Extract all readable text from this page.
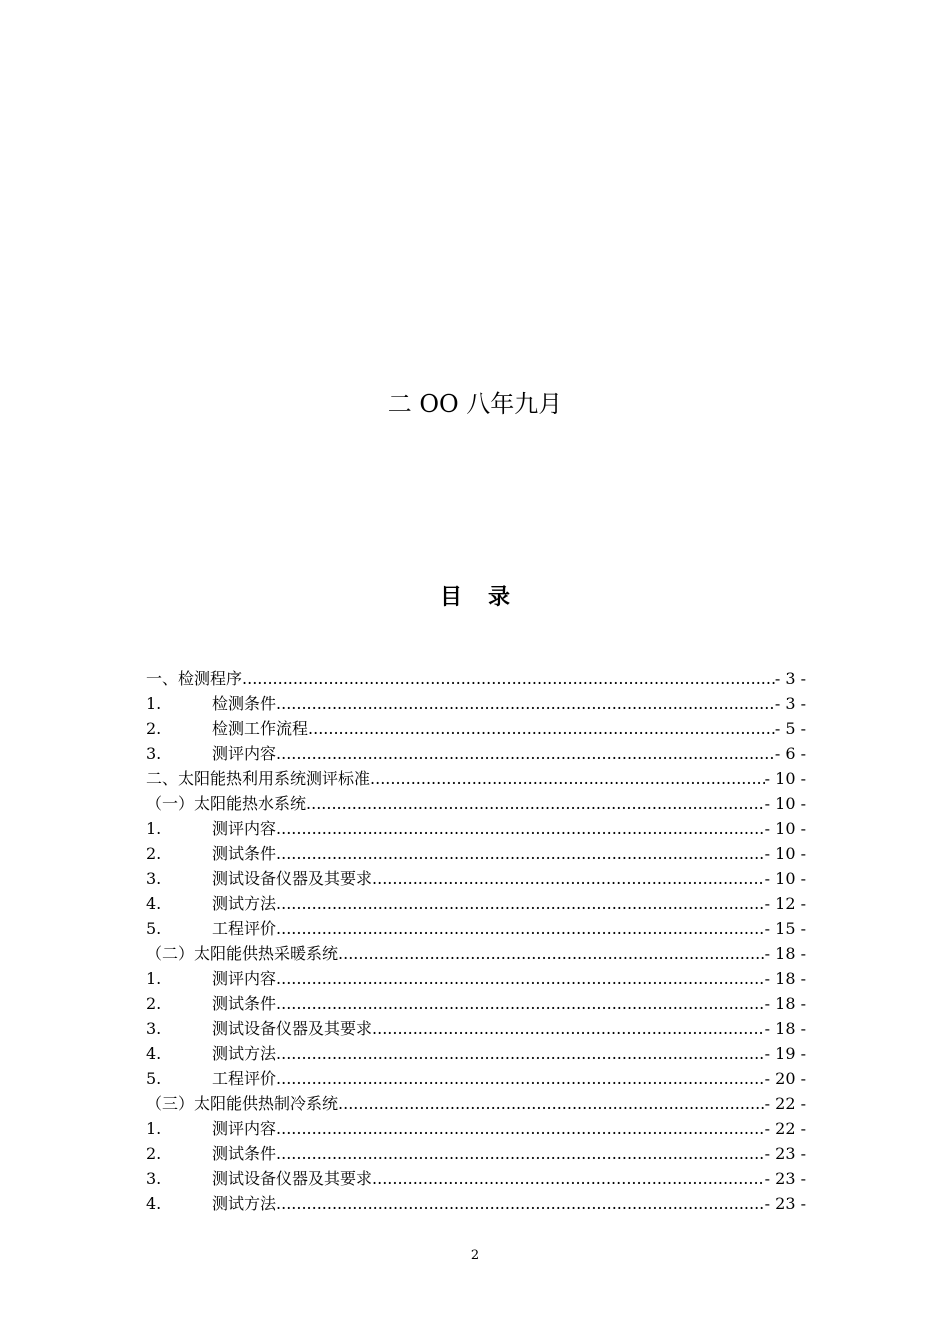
二 OO 八年九月
目 录
一、检测程序 .....	- 3 -
1.	检测条件 .....	- 3 -
2.	检测工作流程 .....	- 5 -
3.	测评内容 .....	- 6 -
二、太阳能热利用系统测评标准 .....	- 10 -
（一）太阳能热水系统 .....	- 10 -
1.	测评内容 .....	- 10 -
2.	测试条件 .....	- 10 -
3.	测试设备仪器及其要求 .....	- 10 -
4.	测试方法 .....	- 12 -
5.	工程评价 .....	- 15 -
（二）太阳能供热采暖系统 .....	- 18 -
1.	测评内容 .....	- 18 -
2.	测试条件 .....	- 18 -
3.	测试设备仪器及其要求 .....	- 18 -
4.	测试方法 .....	- 19 -
5.	工程评价 .....	- 20 -
（三）太阳能供热制冷系统 .....	- 22 -
1.	测评内容 .....	- 22 -
2.	测试条件 .....	- 23 -
3.	测试设备仪器及其要求 .....	- 23 -
4.	测试方法 .....	- 23 -
2
